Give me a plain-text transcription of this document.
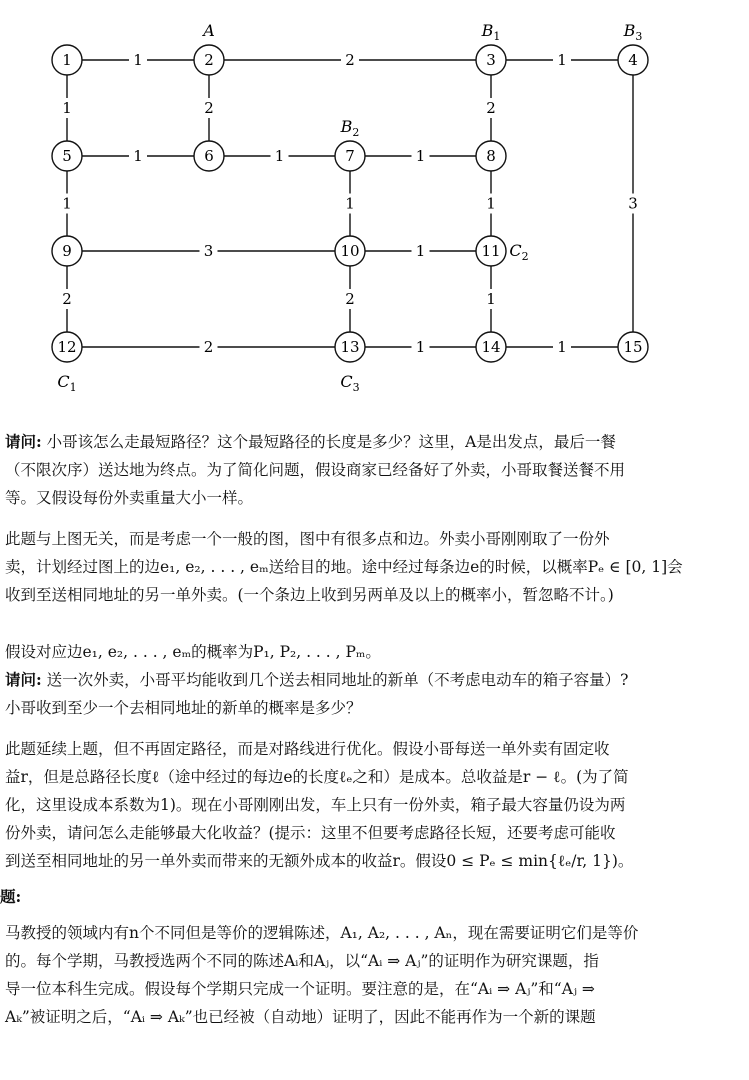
1	2	1
1	2	2
3
1	1	1
1	1	1
3	1
2	2	1
2	1	1
1	2	3	4
5	6	7	8
9	10	11
12	13	14	15
A	$B_1$	$B_3$
$B_2$
$C_2$
$C_1$	$C_3$
请问: 小哥该怎么走最短路径？这个最短路径的长度是多少？这里，A是出发点，最后一餐
（不限次序）送达地为终点。为了简化问题，假设商家已经备好了外卖，小哥取餐送餐不用
等。又假设每份外卖重量大小一样。
此题与上图无关，而是考虑一个一般的图，图中有很多点和边。外卖小哥刚刚取了一份外
卖，计划经过图上的边e₁, e₂, . . . , eₘ送给目的地。途中经过每条边e的时候，以概率Pₑ ∈ [0, 1]会
收到至送相同地址的另一单外卖。(一个条边上收到另两单及以上的概率小，暂忽略不计。)
假设对应边e₁, e₂, . . . , eₘ的概率为P₁, P₂, . . . , Pₘ。
请问: 送一次外卖，小哥平均能收到几个送去相同地址的新单（不考虑电动车的箱子容量）?
小哥收到至少一个去相同地址的新单的概率是多少？
此题延续上题，但不再固定路径，而是对路线进行优化。假设小哥每送一单外卖有固定收
益r，但是总路径长度ℓ（途中经过的每边e的长度ℓₑ之和）是成本。总收益是r − ℓ。(为了简
化，这里设成本系数为1)。现在小哥刚刚出发，车上只有一份外卖，箱子最大容量仍设为两
份外卖，请问怎么走能够最大化收益？(提示：这里不但要考虑路径长短，还要考虑可能收
到送至相同地址的另一单外卖而带来的无额外成本的收益r。假设0 ≤ Pₑ ≤ min{ℓₑ/r, 1})。
题:
马教授的领域内有n个不同但是等价的逻辑陈述，A₁, A₂, . . . , Aₙ，现在需要证明它们是等价
的。每个学期，马教授选两个不同的陈述Aᵢ和Aⱼ，以“Aᵢ ⇒ Aⱼ”的证明作为研究课题，指
导一位本科生完成。假设每个学期只完成一个证明。要注意的是，在“Aᵢ ⇒ Aⱼ”和“Aⱼ ⇒
Aₖ”被证明之后，“Aᵢ ⇒ Aₖ”也已经被（自动地）证明了，因此不能再作为一个新的课题
